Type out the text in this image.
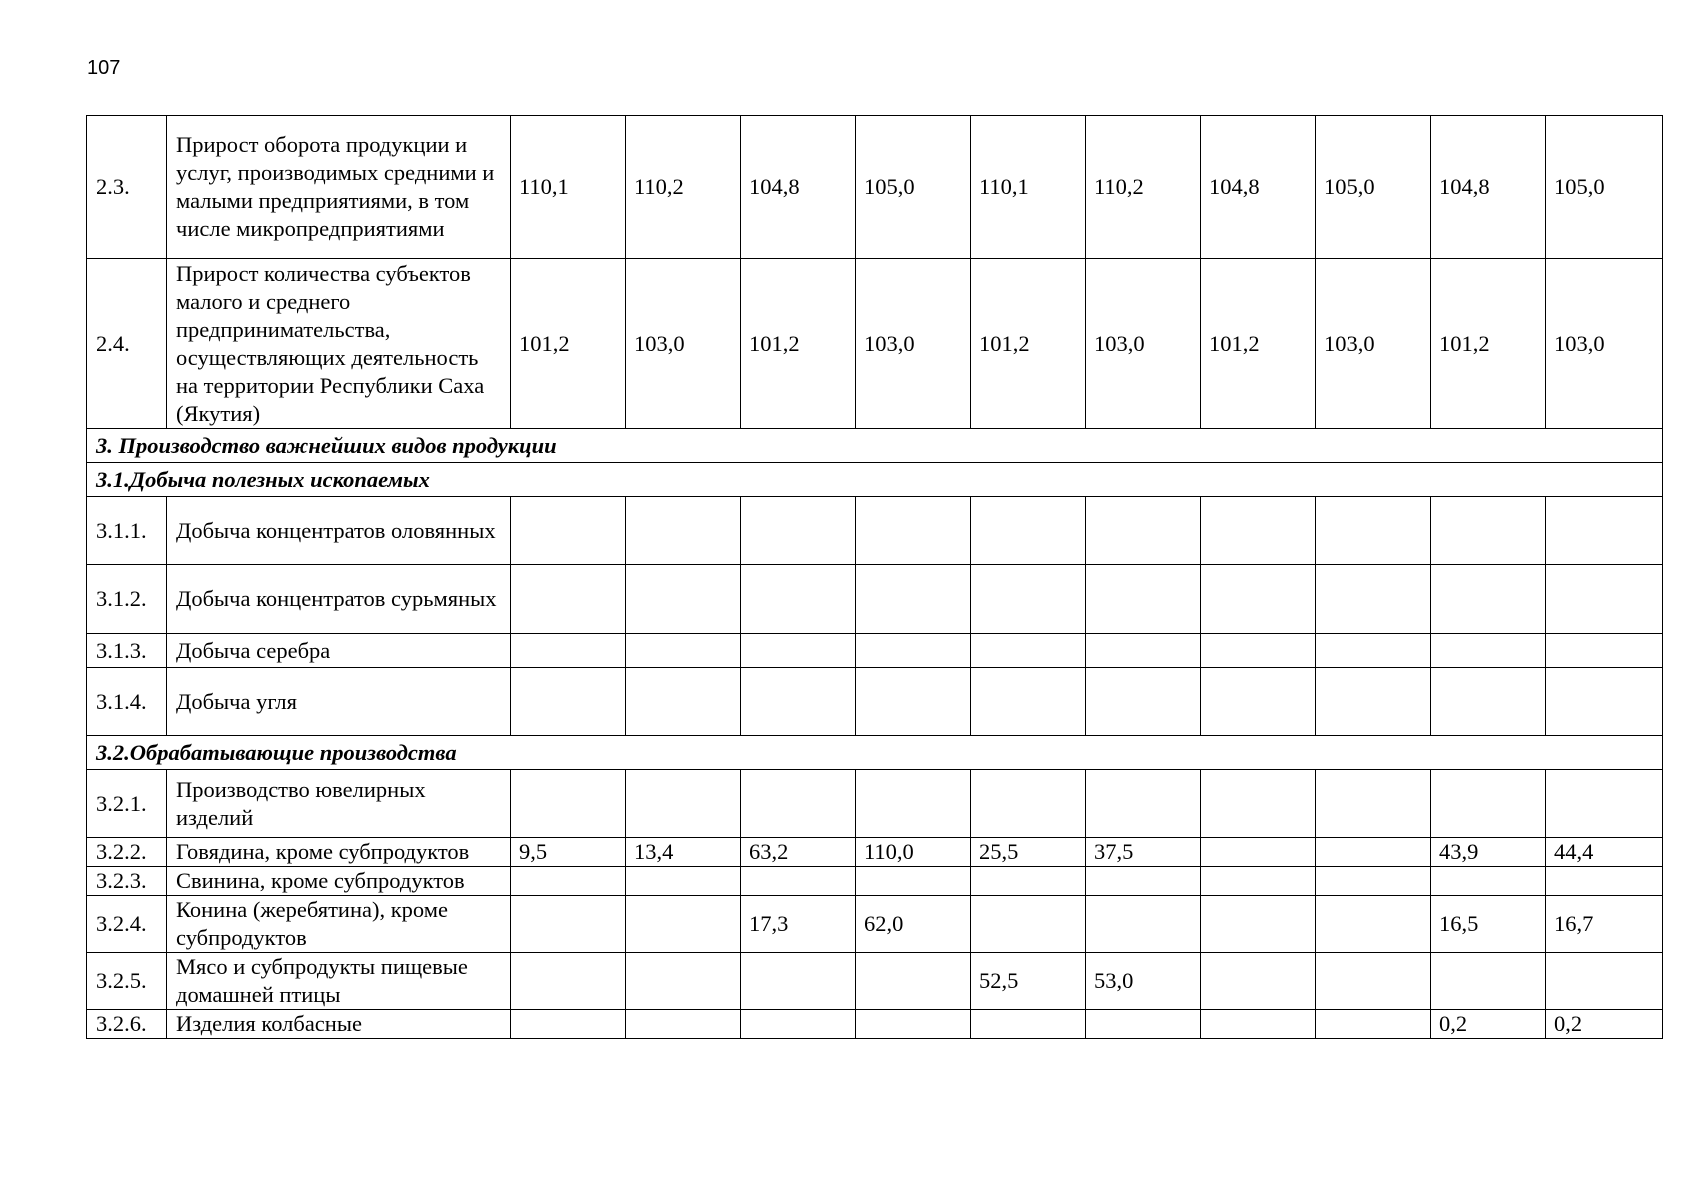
107
2.3.	Прирост оборота продукции и услуг, производимых средними и малыми предприятиями, в том числе микропредприятиями	110,1	110,2	104,8	105,0	110,1	110,2	104,8	105,0	104,8	105,0
2.4.	Прирост количества субъектов малого и среднего предпринимательства, осуществляющих деятельность на территории Республики Саха (Якутия)	101,2	103,0	101,2	103,0	101,2	103,0	101,2	103,0	101,2	103,0
3. Производство важнейших видов продукции											
3.1.Добыча полезных ископаемых											
3.1.1.	Добыча концентратов оловянных										
3.1.2.	Добыча концентратов сурьмяных										
3.1.3.	Добыча серебра										
3.1.4.	Добыча угля										
3.2.Обрабатывающие производства											
3.2.1.	Производство ювелирных изделий										
3.2.2.	Говядина, кроме субпродуктов	9,5	13,4	63,2	110,0	25,5	37,5			43,9	44,4
3.2.3.	Свинина, кроме субпродуктов										
3.2.4.	Конина (жеребятина), кроме субпродуктов			17,3	62,0					16,5	16,7
3.2.5.	Мясо и субпродукты пищевые домашней птицы					52,5	53,0				
3.2.6.	Изделия колбасные									0,2	0,2
